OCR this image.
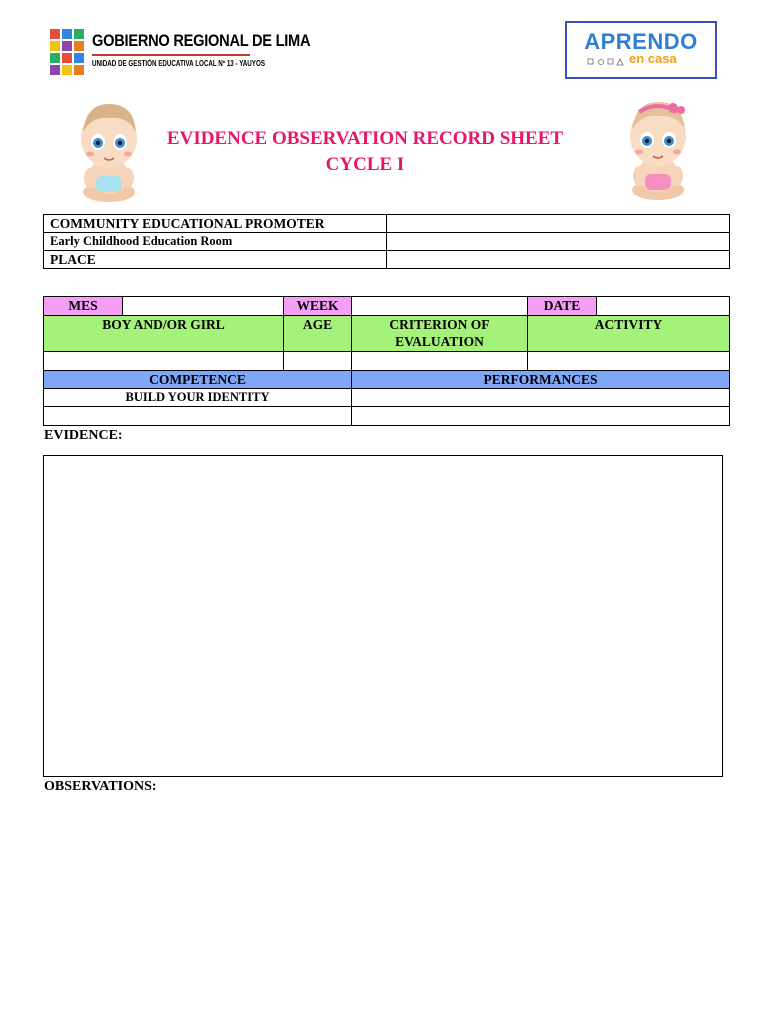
GOBIERNO REGIONAL DE LIMA
UNIDAD DE GESTIÓN EDUCATIVA LOCAL Nº 13 - YAUYOS
APRENDO
en casa
EVIDENCE OBSERVATION RECORD SHEET
CYCLE I
COMMUNITY EDUCATIONAL PROMOTER	
Early Childhood Education Room	
PLACE	
MES		WEEK		DATE	
BOY AND/OR GIRL		AGE	CRITERION OF EVALUATION	ACTIVITY	

COMPETENCE			PERFORMANCES		
BUILD YOUR IDENTITY					

EVIDENCE:
OBSERVATIONS:
